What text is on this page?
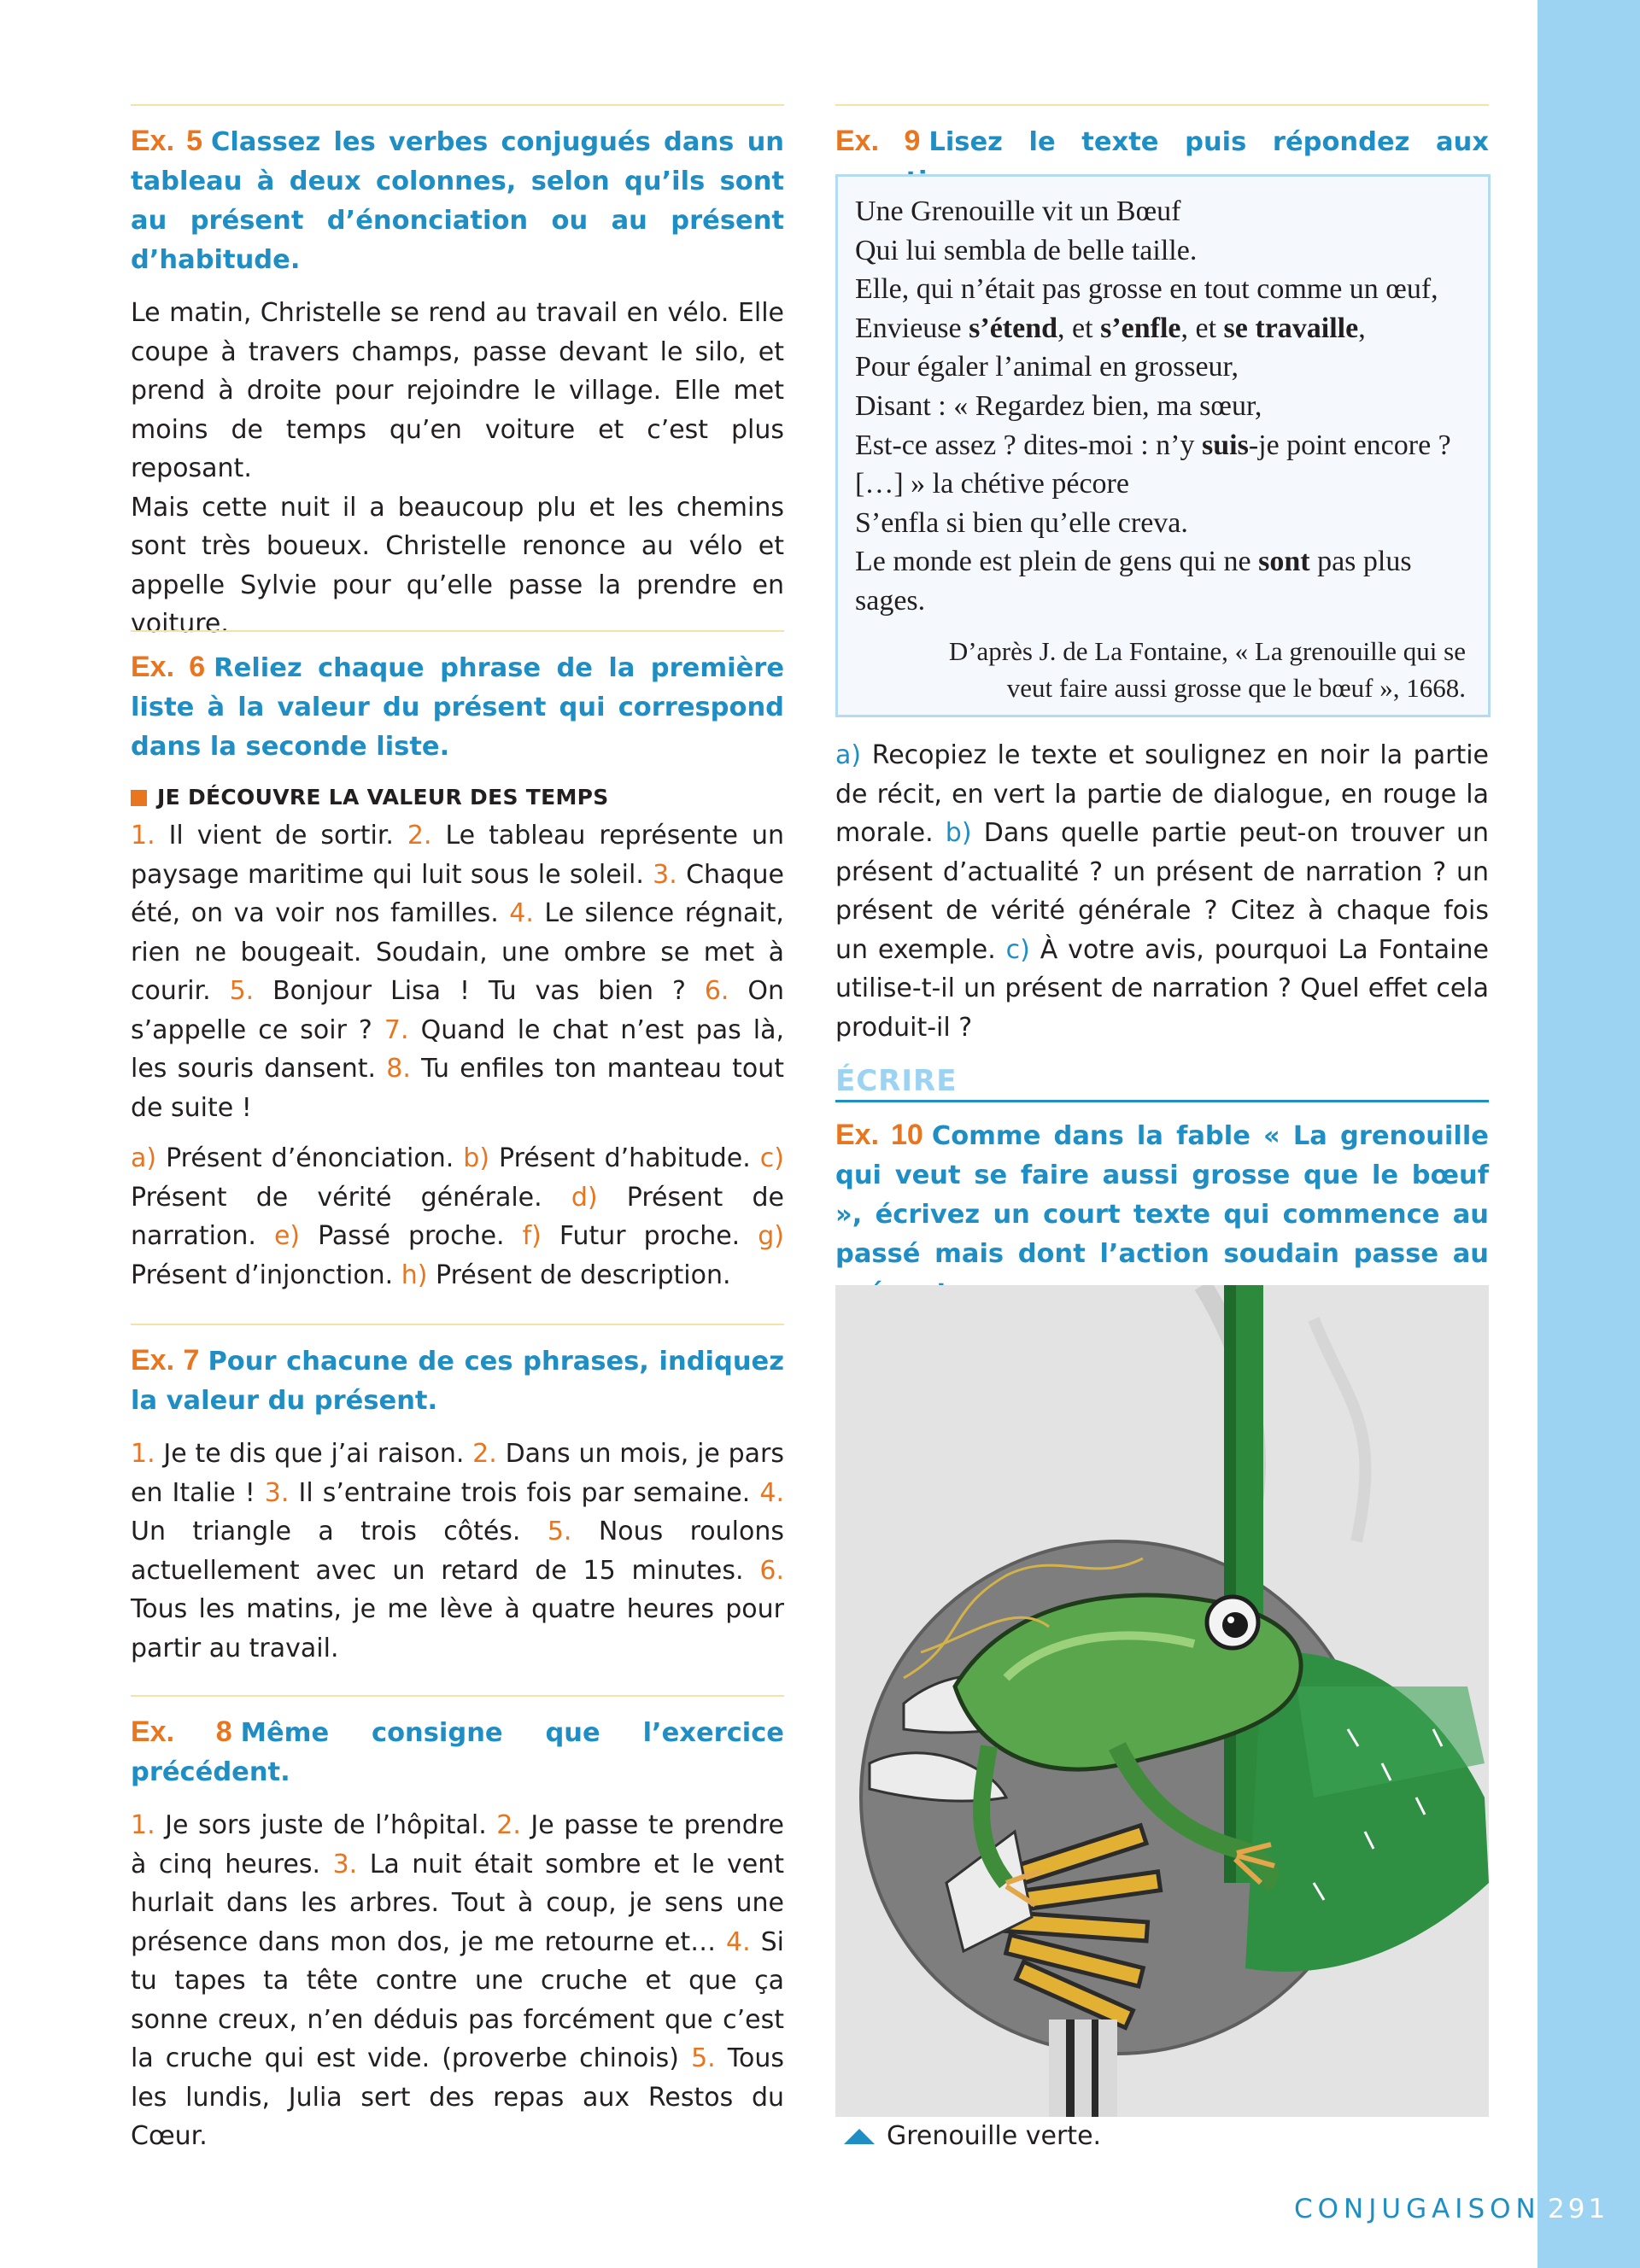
Ex. 5 Classez les verbes conjugués dans un tableau à deux colonnes, selon qu’ils sont au présent d’énonciation ou au présent d’habitude.

Le matin, Christelle se rend au travail en vélo. Elle coupe à travers champs, passe devant le silo, et prend à droite pour rejoindre le village. Elle met moins de temps qu’en voiture et c’est plus reposant.

Mais cette nuit il a beaucoup plu et les chemins sont très boueux. Christelle renonce au vélo et appelle Sylvie pour qu’elle passe la prendre en voiture.

Ex. 6 Reliez chaque phrase de la première liste à la valeur du présent qui correspond dans la seconde liste.
JE DÉCOUVRE LA VALEUR DES TEMPS

1. Il vient de sortir. 2. Le tableau représente un paysage maritime qui luit sous le soleil. 3. Chaque été, on va voir nos familles. 4. Le silence régnait, rien ne bougeait. Soudain, une ombre se met à courir. 5. Bonjour Lisa ! Tu vas bien ? 6. On s’appelle ce soir ? 7. Quand le chat n’est pas là, les souris dansent. 8. Tu enfiles ton manteau tout de suite !

a) Présent d’énonciation. b) Présent d’habitude. c) Présent de vérité générale. d) Présent de narration. e) Passé proche. f) Futur proche. g) Présent d’injonction. h) Présent de description.

Ex. 7 Pour chacune de ces phrases, indiquez la valeur du présent.

1. Je te dis que j’ai raison. 2. Dans un mois, je pars en Italie ! 3. Il s’entraine trois fois par semaine. 4. Un triangle a trois côtés. 5. Nous roulons actuellement avec un retard de 15 minutes. 6. Tous les matins, je me lève à quatre heures pour partir au travail.

Ex. 8 Même consigne que l’exercice précédent.

1. Je sors juste de l’hôpital. 2. Je passe te prendre à cinq heures. 3. La nuit était sombre et le vent hurlait dans les arbres. Tout à coup, je sens une présence dans mon dos, je me retourne et… 4. Si tu tapes ta tête contre une cruche et que ça sonne creux, n’en déduis pas forcément que c’est la cruche qui est vide. (proverbe chinois) 5. Tous les lundis, Julia sert des repas aux Restos du Cœur.

Ex. 9 Lisez le texte puis répondez aux
Une Grenouille vit un Bœuf
Qui lui sembla de belle taille.
Elle, qui n’était pas grosse en tout comme un œuf,
Envieuse s’étend, et s’enfle, et se travaille,
Pour égaler l’animal en grosseur,
Disant : « Regardez bien, ma sœur,
Est-ce assez ? dites-moi : n’y suis-je point encore ?
[…] » la chétive pécore
S’enfla si bien qu’elle creva.
Le monde est plein de gens qui ne sont pas plus sages.
D’après J. de La Fontaine, « La grenouille qui se
veut faire aussi grosse que le bœuf », 1668.

a) Recopiez le texte et soulignez en noir la partie de récit, en vert la partie de dialogue, en rouge la morale. b) Dans quelle partie peut-on trouver un présent d’actualité ? un présent de narration ? un présent de vérité générale ? Citez à chaque fois un exemple. c) À votre avis, pourquoi La Fontaine utilise-t-il un présent de narration ? Quel effet cela produit-il ?

ÉCRIRE
Ex. 10 Comme dans la fable « La grenouille qui veut se faire aussi grosse que le bœuf », écrivez un court texte qui commence au passé mais dont l’action soudain passe au
Grenouille verte.
CONJUGAISON 291
